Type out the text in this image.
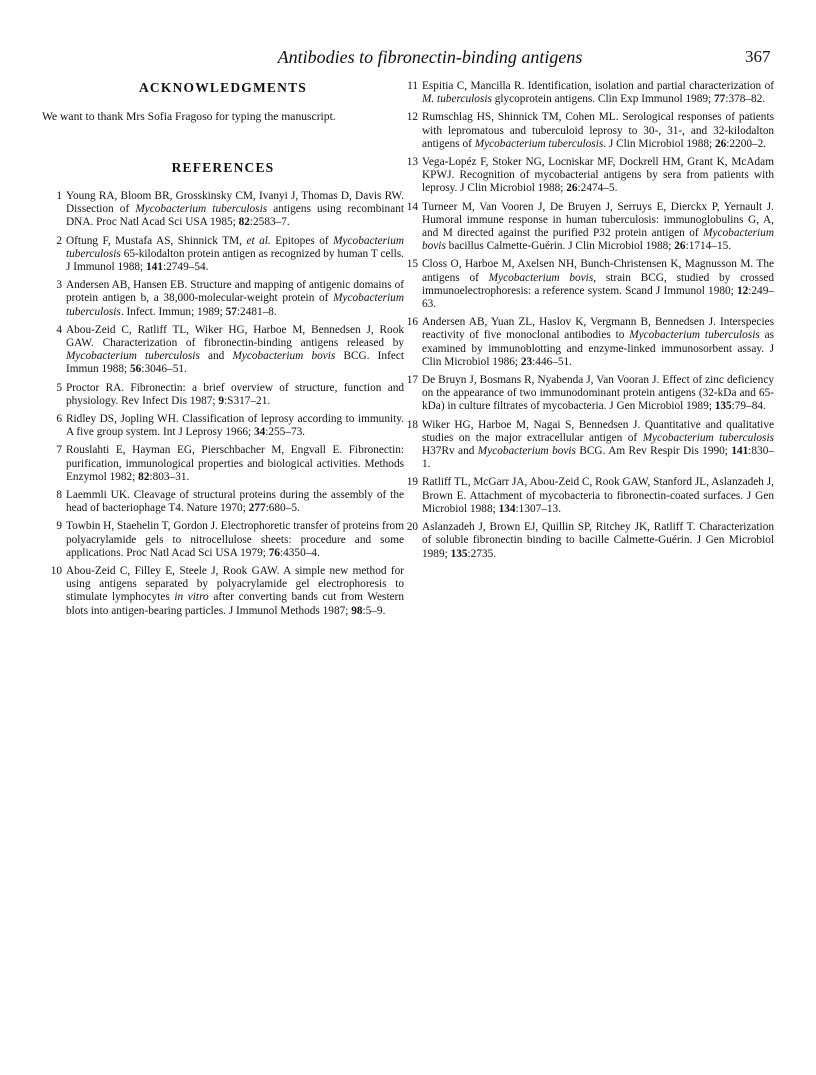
Antibodies to fibronectin-binding antigens	367
ACKNOWLEDGMENTS

We want to thank Mrs Sofia Fragoso for typing the manuscript.

REFERENCES
1 Young RA, Bloom BR, Grosskinsky CM, Ivanyi J, Thomas D, Davis RW. Dissection of Mycobacterium tuberculosis antigens using recombinant DNA. Proc Natl Acad Sci USA 1985; 82:2583–7.
2 Oftung F, Mustafa AS, Shinnick TM, et al. Epitopes of Mycobacterium tuberculosis 65-kilodalton protein antigen as recognized by human T cells. J Immunol 1988; 141:2749–54.
3 Andersen AB, Hansen EB. Structure and mapping of antigenic domains of protein antigen b, a 38,000-molecular-weight protein of Mycobacterium tuberculosis. Infect. Immun; 1989; 57:2481–8.
4 Abou-Zeid C, Ratliff TL, Wiker HG, Harboe M, Bennedsen J, Rook GAW. Characterization of fibronectin-binding antigens released by Mycobacterium tuberculosis and Mycobacterium bovis BCG. Infect Immun 1988; 56:3046–51.
5 Proctor RA. Fibronectin: a brief overview of structure, function and physiology. Rev Infect Dis 1987; 9:S317–21.
6 Ridley DS, Jopling WH. Classification of leprosy according to immunity. A five group system. Int J Leprosy 1966; 34:255–73.
7 Rouslahti E, Hayman EG, Pierschbacher M, Engvall E. Fibronectin: purification, immunological properties and biological activities. Methods Enzymol 1982; 82:803–31.
8 Laemmli UK. Cleavage of structural proteins during the assembly of the head of bacteriophage T4. Nature 1970; 277:680–5.
9 Towbin H, Staehelin T, Gordon J. Electrophoretic transfer of proteins from polyacrylamide gels to nitrocellulose sheets: procedure and some applications. Proc Natl Acad Sci USA 1979; 76:4350–4.
10 Abou-Zeid C, Filley E, Steele J, Rook GAW. A simple new method for using antigens separated by polyacrylamide gel electrophoresis to stimulate lymphocytes in vitro after converting bands cut from Western blots into antigen-bearing particles. J Immunol Methods 1987; 98:5–9.
11 Espitia C, Mancilla R. Identification, isolation and partial characterization of M. tuberculosis glycoprotein antigens. Clin Exp Immunol 1989; 77:378–82.
12 Rumschlag HS, Shinnick TM, Cohen ML. Serological responses of patients with lepromatous and tuberculoid leprosy to 30-, 31-, and 32-kilodalton antigens of Mycobacterium tuberculosis. J Clin Microbiol 1988; 26:2200–2.
13 Vega-Lopéz F, Stoker NG, Locniskar MF, Dockrell HM, Grant K, McAdam KPWJ. Recognition of mycobacterial antigens by sera from patients with leprosy. J Clin Microbiol 1988; 26:2474–5.
14 Turneer M, Van Vooren J, De Bruyen J, Serruys E, Dierckx P, Yernault J. Humoral immune response in human tuberculosis: immunoglobulins G, A, and M directed against the purified P32 protein antigen of Mycobacterium bovis bacillus Calmette-Guérin. J Clin Microbiol 1988; 26:1714–15.
15 Closs O, Harboe M, Axelsen NH, Bunch-Christensen K, Magnusson M. The antigens of Mycobacterium bovis, strain BCG, studied by crossed immunoelectrophoresis: a reference system. Scand J Immunol 1980; 12:249–63.
16 Andersen AB, Yuan ZL, Haslov K, Vergmann B, Bennedsen J. Interspecies reactivity of five monoclonal antibodies to Mycobacterium tuberculosis as examined by immunoblotting and enzyme-linked immunosorbent assay. J Clin Microbiol 1986; 23:446–51.
17 De Bruyn J, Bosmans R, Nyabenda J, Van Vooran J. Effect of zinc deficiency on the appearance of two immunodominant protein antigens (32-kDa and 65-kDa) in culture filtrates of mycobacteria. J Gen Microbiol 1989; 135:79–84.
18 Wiker HG, Harboe M, Nagai S, Bennedsen J. Quantitative and qualitative studies on the major extracellular antigen of Mycobacterium tuberculosis H37Rv and Mycobacterium bovis BCG. Am Rev Respir Dis 1990; 141:830–1.
19 Ratliff TL, McGarr JA, Abou-Zeid C, Rook GAW, Stanford JL, Aslanzadeh J, Brown E. Attachment of mycobacteria to fibronectin-coated surfaces. J Gen Microbiol 1988; 134:1307–13.
20 Aslanzadeh J, Brown EJ, Quillin SP, Ritchey JK, Ratliff T. Characterization of soluble fibronectin binding to bacille Calmette-Guérin. J Gen Microbiol 1989; 135:2735.
